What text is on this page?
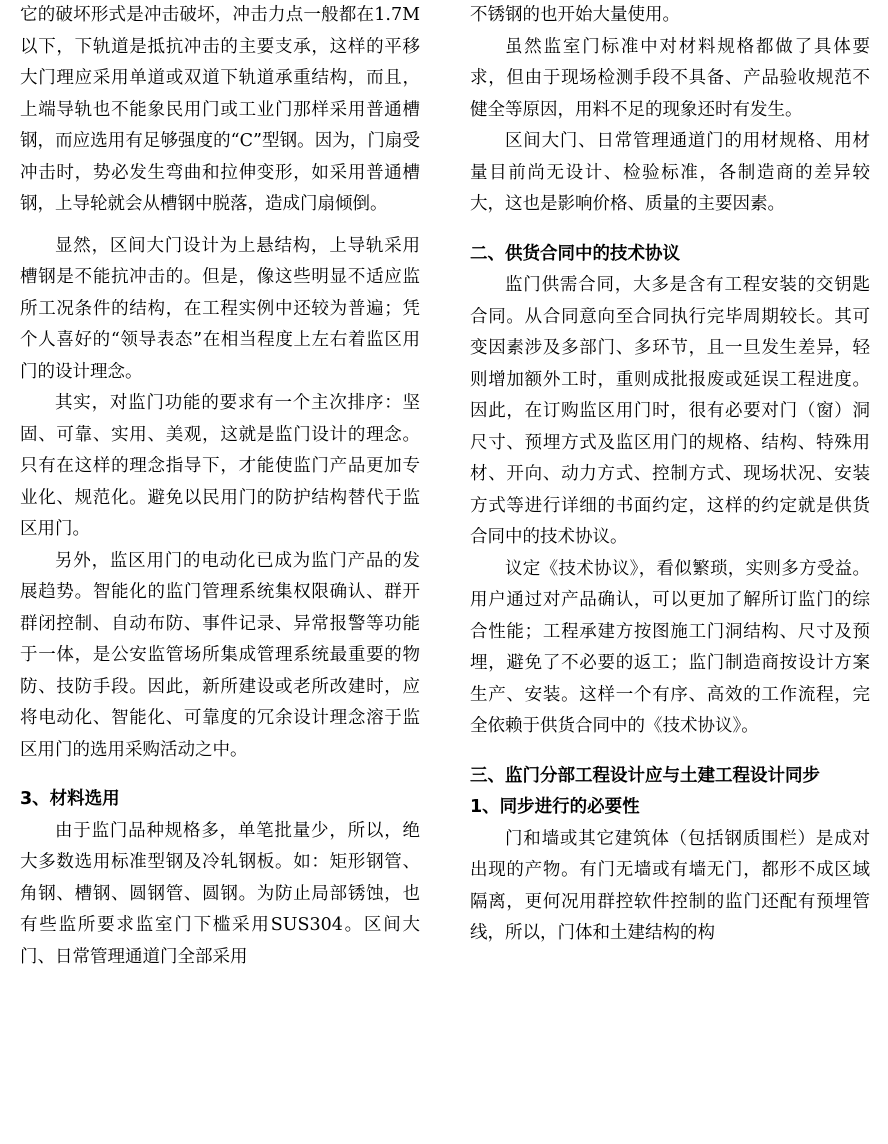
它的破坏形式是冲击破坏，冲击力点一般都在1.7M 以下，下轨道是抵抗冲击的主要支承，这样的平移大门理应采用单道或双道下轨道承重结构，而且，上端导轨也不能象民用门或工业门那样采用普通槽钢，而应选用有足够强度的“C”型钢。因为，门扇受冲击时，势必发生弯曲和拉伸变形，如采用普通槽钢，上导轮就会从槽钢中脱落，造成门扇倾倒。

显然，区间大门设计为上悬结构，上导轨采用槽钢是不能抗冲击的。但是，像这些明显不适应监所工况条件的结构，在工程实例中还较为普遍；凭个人喜好的“领导表态”在相当程度上左右着监区用门的设计理念。

其实，对监门功能的要求有一个主次排序：坚固、可靠、实用、美观，这就是监门设计的理念。只有在这样的理念指导下，才能使监门产品更加专业化、规范化。避免以民用门的防护结构替代于监区用门。

另外，监区用门的电动化已成为监门产品的发展趋势。智能化的监门管理系统集权限确认、群开群闭控制、自动布防、事件记录、异常报警等功能于一体，是公安监管场所集成管理系统最重要的物防、技防手段。因此，新所建设或老所改建时，应将电动化、智能化、可靠度的冗余设计理念溶于监区用门的选用采购活动之中。

3、材料选用

由于监门品种规格多，单笔批量少，所以，绝大多数选用标准型钢及冷轧钢板。如：矩形钢管、角钢、槽钢、圆钢管、圆钢。为防止局部锈蚀，也有些监所要求监室门下槛采用SUS304。区间大门、日常管理通道门全部采用

不锈钢的也开始大量使用。

虽然监室门标准中对材料规格都做了具体要求，但由于现场检测手段不具备、产品验收规范不健全等原因，用料不足的现象还时有发生。

区间大门、日常管理通道门的用材规格、用材量目前尚无设计、检验标准，各制造商的差异较大，这也是影响价格、质量的主要因素。

二、供货合同中的技术协议

监门供需合同，大多是含有工程安装的交钥匙合同。从合同意向至合同执行完毕周期较长。其可变因素涉及多部门、多环节，且一旦发生差异，轻则增加额外工时，重则成批报废或延误工程进度。因此，在订购监区用门时，很有必要对门（窗）洞尺寸、预埋方式及监区用门的规格、结构、特殊用材、开向、动力方式、控制方式、现场状况、安装方式等进行详细的书面约定，这样的约定就是供货合同中的技术协议。

议定《技术协议》，看似繁琐，实则多方受益。用户通过对产品确认，可以更加了解所订监门的综合性能；工程承建方按图施工门洞结构、尺寸及预埋，避免了不必要的返工；监门制造商按设计方案生产、安装。这样一个有序、高效的工作流程，完全依赖于供货合同中的《技术协议》。

三、监门分部工程设计应与土建工程设计同步

1、同步进行的必要性

门和墙或其它建筑体（包括钢质围栏）是成对出现的产物。有门无墙或有墙无门，都形不成区域隔离，更何况用群控软件控制的监门还配有预埋管线，所以，门体和土建结构的构
